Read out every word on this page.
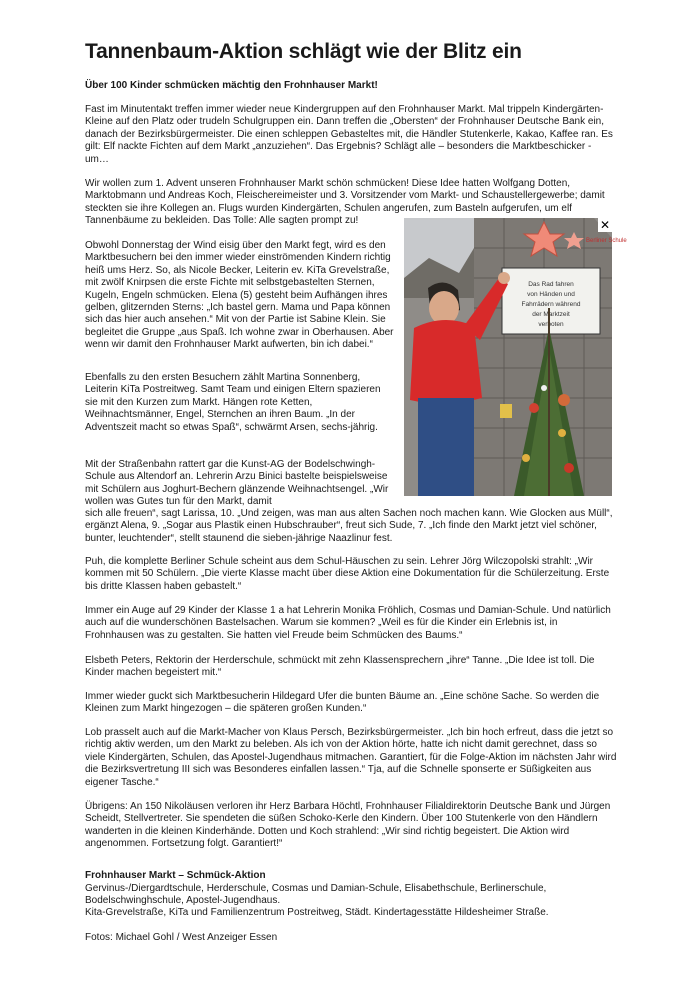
Tannenbaum-Aktion schlägt wie der Blitz ein

Über 100 Kinder schmücken mächtig den Frohnhauser Markt!

Fast im Minutentakt treffen immer wieder neue Kindergruppen auf den Frohnhauser Markt. Mal trippeln Kindergärten-Kleine auf den Platz oder trudeln Schulgruppen ein. Dann treffen die „Obersten“ der Frohnhauser Deutsche Bank ein, danach der Bezirksbürgermeister. Die einen schleppen Gebasteltes mit, die Händler Stutenkerle, Kakao, Kaffee ran. Es gilt: Elf nackte Fichten auf dem Markt „anzuziehen“. Das Ergebnis? Schlägt alle – besonders die Marktbeschicker - um…

Wir wollen zum 1. Advent unseren Frohnhauser Markt schön schmücken! Diese Idee hatten Wolfgang Dotten, Marktobmann und Andreas Koch, Fleischereimeister und 3. Vorsitzender vom Markt- und Schaustellergewerbe; damit steckten sie ihre Kollegen an. Flugs wurden Kindergärten, Schulen angerufen, zum Basteln aufgerufen, um elf Tannenbäume zu bekleiden. Das Tolle: Alle sagten prompt zu!

Obwohl Donnerstag der Wind eisig über den Markt fegt, wird es den Marktbesuchern bei den immer wieder einströmenden Kindern richtig heiß ums Herz. So, als Nicole Becker, Leiterin ev. KiTa Grevelstraße, mit zwölf Knirpsen die erste Fichte mit selbstgebastelten Sternen, Kugeln, Engeln schmücken. Elena (5) gesteht beim Aufhängen ihres gelben, glitzernden Sterns: „Ich bastel gern. Mama und Papa können sich das hier auch ansehen.“ Mit von der Partie ist Sabine Klein. Sie begleitet die Gruppe „aus Spaß. Ich wohne zwar in Oberhausen. Aber wenn wir damit den Frohnhauser Markt aufwerten, bin ich dabei.“

Ebenfalls zu den ersten Besuchern zählt Martina Sonnenberg, Leiterin KiTa Postreitweg. Samt Team und einigen Eltern spazieren sie mit den Kurzen zum Markt. Hängen rote Ketten, Weihnachtsmänner, Engel, Sternchen an ihren Baum. „In der Adventszeit macht so etwas Spaß“, schwärmt Arsen, sechs-jährig.

Mit der Straßenbahn rattert gar die Kunst-AG der Bodelschwingh-Schule aus Altendorf an. Lehrerin Arzu Binici bastelte beispielsweise mit Schülern aus Joghurt-Bechern glänzende Weihnachtsengel. „Wir wollen was Gutes tun für den Markt, damit

Das Rad fahren
von Händen und
Fahrrädern während
der Marktzeit
verboten
Berliner Schule
✕

sich alle freuen“, sagt Larissa, 10. „Und zeigen, was man aus alten Sachen noch machen kann. Wie Glocken aus Müll“, ergänzt Alena, 9. „Sogar aus Plastik einen Hubschrauber“, freut sich Sude, 7. „Ich finde den Markt jetzt viel schöner, bunter, leuchtender“, stellt staunend die sieben-jährige Naazlinur fest.

Puh, die komplette Berliner Schule scheint aus dem Schul-Häuschen zu sein. Lehrer Jörg Wilczopolski strahlt: „Wir kommen mit 50 Schülern. „Die vierte Klasse macht über diese Aktion eine Dokumentation für die Schülerzeitung. Erste bis dritte Klassen haben gebastelt.“

Immer ein Auge auf 29 Kinder der Klasse 1 a hat Lehrerin Monika Fröhlich, Cosmas und Damian-Schule. Und natürlich auch auf die wunderschönen Bastelsachen. Warum sie kommen? „Weil es für die Kinder ein Erlebnis ist, in Frohnhausen was zu gestalten. Sie hatten viel Freude beim Schmücken des Baums.“

Elsbeth Peters, Rektorin der Herderschule, schmückt mit zehn Klassensprechern „ihre“ Tanne. „Die Idee ist toll. Die Kinder machen begeistert mit.“

Immer wieder guckt sich Marktbesucherin Hildegard Ufer die bunten Bäume an. „Eine schöne Sache. So werden die Kleinen zum Markt hingezogen – die späteren großen Kunden.“

Lob prasselt auch auf die Markt-Macher von Klaus Persch, Bezirksbürgermeister. „Ich bin hoch erfreut, dass die jetzt so richtig aktiv werden, um den Markt zu beleben. Als ich von der Aktion hörte, hatte ich nicht damit gerechnet, dass so viele Kindergärten, Schulen, das Apostel-Jugendhaus mitmachen. Garantiert, für die Folge-Aktion im nächsten Jahr wird die Bezirksvertretung III sich was Besonderes einfallen lassen.“ Tja, auf die Schnelle sponserte er Süßigkeiten aus eigener Tasche.“

Übrigens: An 150 Nikoläusen verloren ihr Herz Barbara Höchtl, Frohnhauser Filialdirektorin Deutsche Bank und Jürgen Scheidt, Stellvertreter. Sie spendeten die süßen Schoko-Kerle den Kindern. Über 100 Stutenkerle von den Händlern wanderten in die kleinen Kinderhände. Dotten und Koch strahlend: „Wir sind richtig begeistert. Die Aktion wird angenommen. Fortsetzung folgt. Garantiert!“

Frohnhauser Markt – Schmück-Aktion

Gervinus-/Diergardtschule, Herderschule, Cosmas und Damian-Schule, Elisabethschule, Berlinerschule,

Bodelschwinghschule, Apostel-Jugendhaus.

Kita-Grevelstraße, KiTa und Familienzentrum Postreitweg, Städt. Kindertagesstätte Hildesheimer Straße.

Fotos: Michael Gohl / West Anzeiger Essen
